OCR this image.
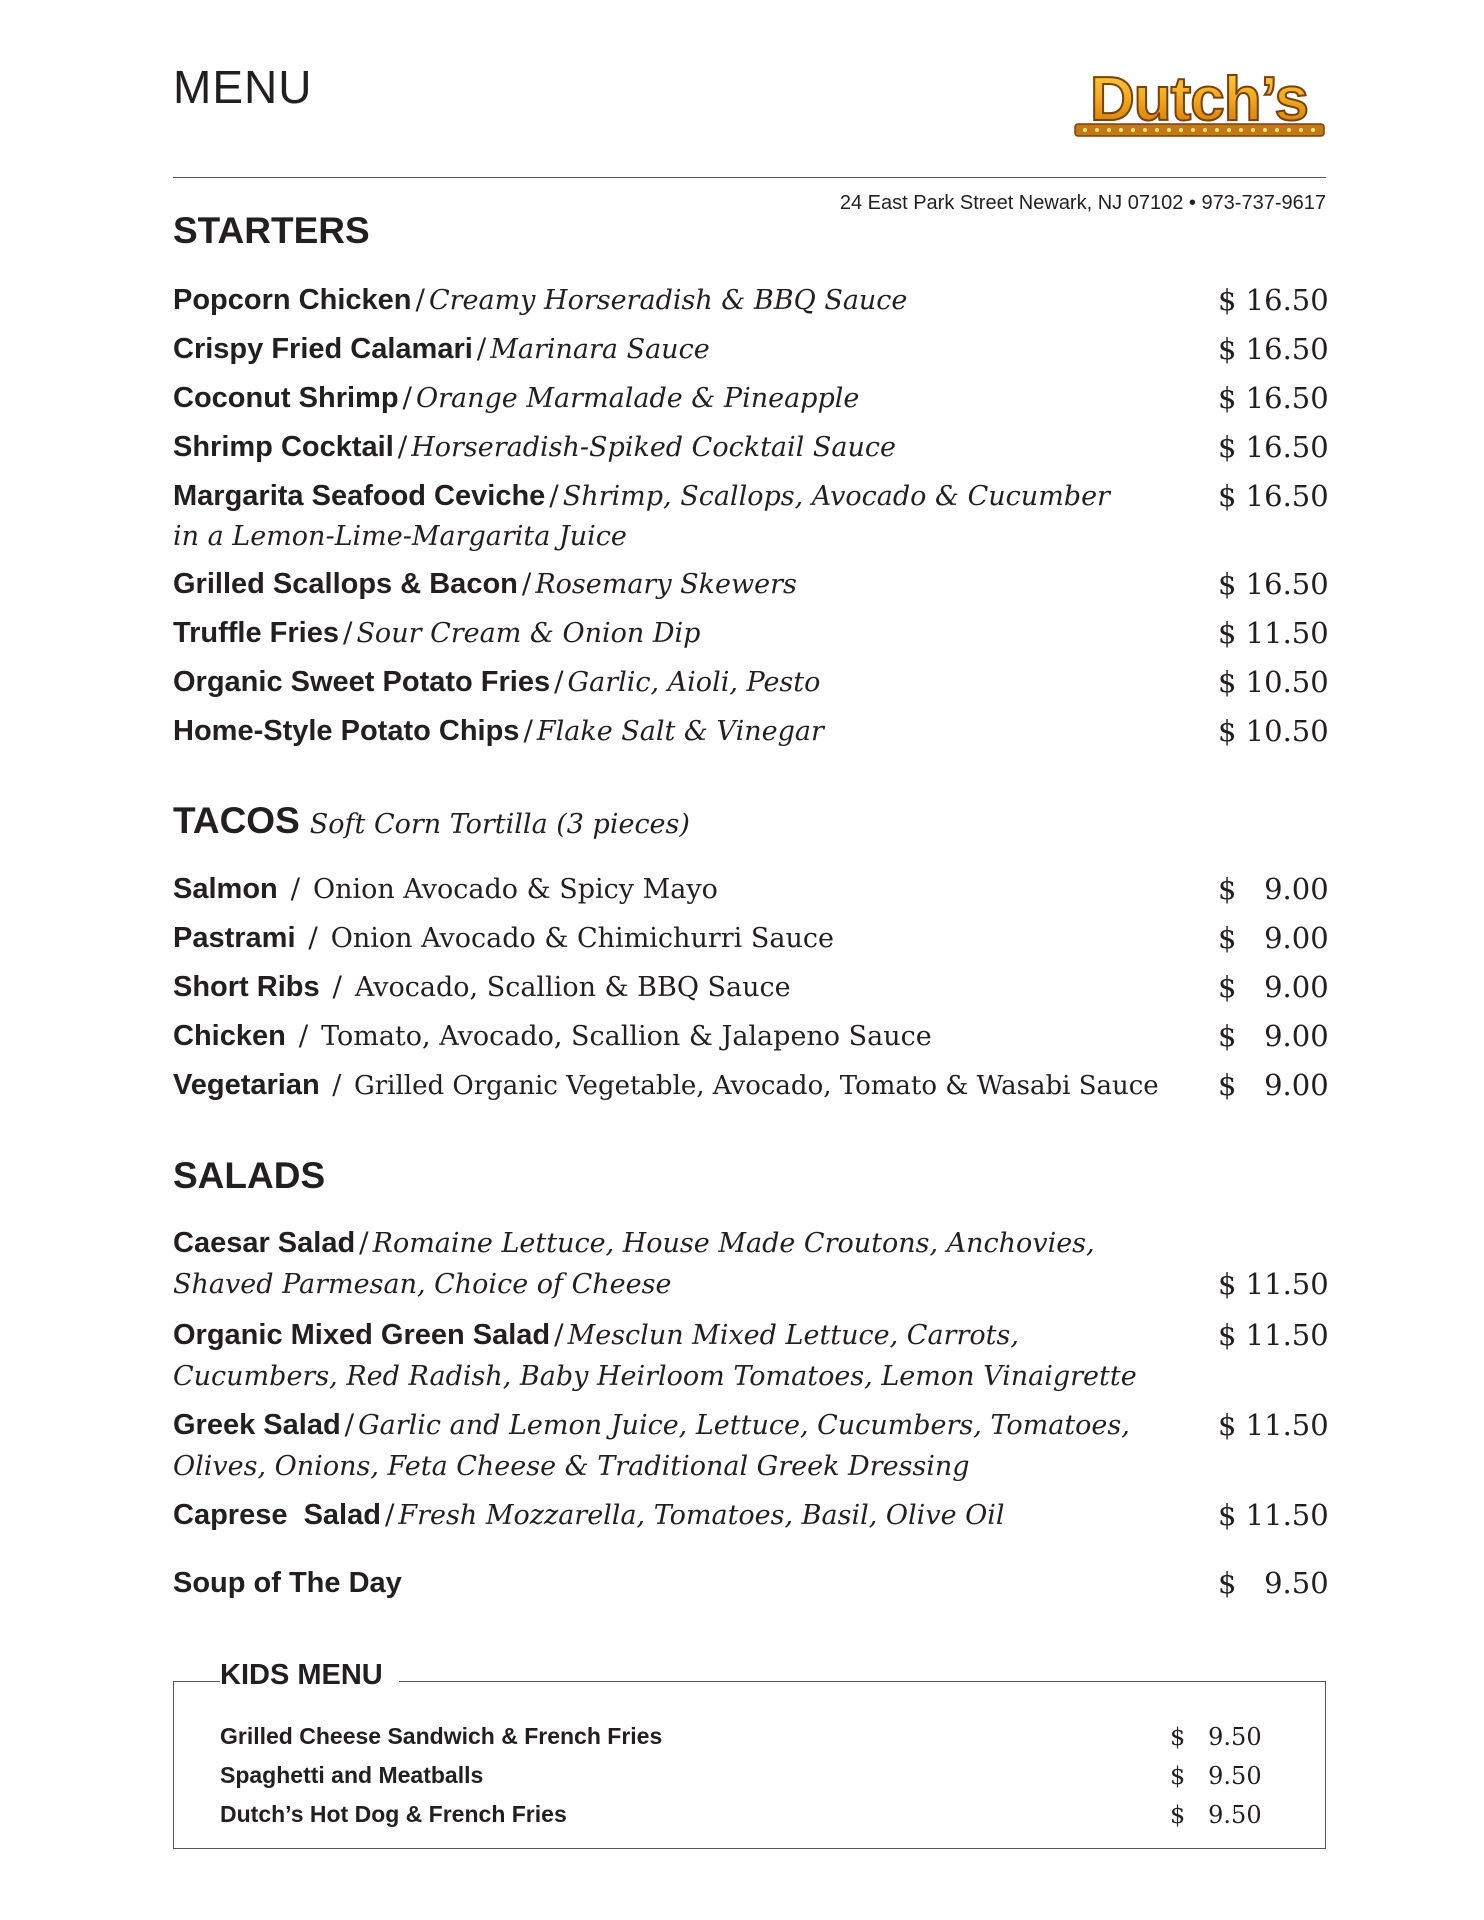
MENU	Dutch’s
24 East Park Street Newark, NJ 07102 • 973-737-9617
STARTERS
Popcorn Chicken / Creamy Horseradish & BBQ Sauce	$ 16.50
Crispy Fried Calamari / Marinara Sauce	$ 16.50
Coconut Shrimp / Orange Marmalade & Pineapple	$ 16.50
Shrimp Cocktail / Horseradish-Spiked Cocktail Sauce	$ 16.50
Margarita Seafood Ceviche / Shrimp, Scallops, Avocado & Cucumber	$ 16.50
in a Lemon-Lime-Margarita Juice
Grilled Scallops & Bacon / Rosemary Skewers	$ 16.50
Truffle Fries / Sour Cream & Onion Dip	$ 11.50
Organic Sweet Potato Fries / Garlic, Aioli, Pesto	$ 10.50
Home-Style Potato Chips / Flake Salt & Vinegar	$ 10.50
TACOS Soft Corn Tortilla (3 pieces)
Salmon / Onion Avocado & Spicy Mayo	$   9.00
Pastrami / Onion Avocado & Chimichurri Sauce	$   9.00
Short Ribs / Avocado, Scallion & BBQ Sauce	$   9.00
Chicken / Tomato, Avocado, Scallion & Jalapeno Sauce	$   9.00
Vegetarian / Grilled Organic Vegetable, Avocado, Tomato & Wasabi Sauce $   9.00
SALADS
Caesar Salad / Romaine Lettuce, House Made Croutons, Anchovies,
Shaved Parmesan, Choice of Cheese	$ 11.50
Organic Mixed Green Salad / Mesclun Mixed Lettuce, Carrots,	$ 11.50
Cucumbers, Red Radish, Baby Heirloom Tomatoes, Lemon Vinaigrette
Greek Salad / Garlic and Lemon Juice, Lettuce, Cucumbers, Tomatoes,	$ 11.50
Olives, Onions, Feta Cheese & Traditional Greek Dressing
Caprese  Salad / Fresh Mozzarella, Tomatoes, Basil, Olive Oil	$ 11.50
Soup of The Day	$   9.50
KIDS MENU
Grilled Cheese Sandwich & French Fries	$   9.50
Spaghetti and Meatballs	$   9.50
Dutch’s Hot Dog & French Fries	$   9.50
